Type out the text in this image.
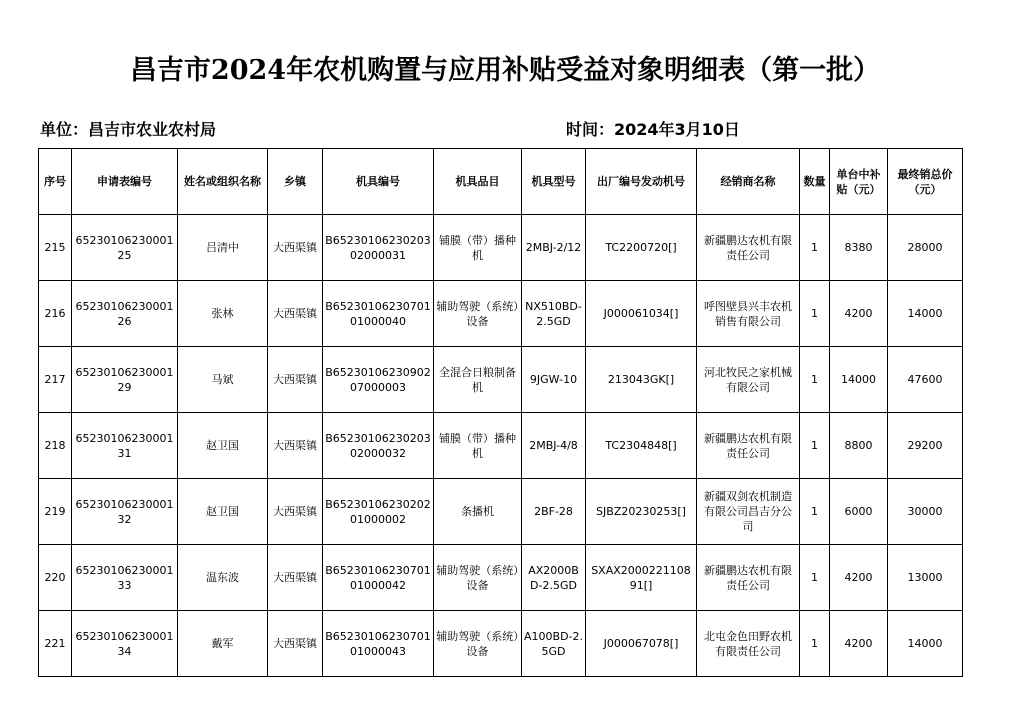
昌吉市2024年农机购置与应用补贴受益对象明细表（第一批）
单位：昌吉市农业农村局	时间：2024年3月10日
序号	申请表编号	姓名或组织名称	乡镇	机具编号	机具品目	机具型号	出厂编号发动机号	经销商名称	数量	单台中补贴（元）	最终销总价（元）
215	6523010623000125	吕清中	大西渠镇	B6523010623020302000031	铺膜（带）播种机	2MBJ-2/12	TC2200720[]	新疆鹏达农机有限责任公司	1	8380	28000
216	6523010623000126	张林	大西渠镇	B6523010623070101000040	辅助驾驶（系统）设备	NX510BD-2.5GD	J000061034[]	呼图壁县兴丰农机销售有限公司	1	4200	14000
217	6523010623000129	马斌	大西渠镇	B6523010623090207000003	全混合日粮制备机	9JGW-10	213043GK[]	河北牧民之家机械有限公司	1	14000	47600
218	6523010623000131	赵卫国	大西渠镇	B6523010623020302000032	铺膜（带）播种机	2MBJ-4/8	TC2304848[]	新疆鹏达农机有限责任公司	1	8800	29200
219	6523010623000132	赵卫国	大西渠镇	B6523010623020201000002	条播机	2BF-28	SJBZ20230253[]	新疆双剑农机制造有限公司昌吉分公司	1	6000	30000
220	6523010623000133	温东波	大西渠镇	B6523010623070101000042	辅助驾驶（系统）设备	AX2000BD-2.5GD	SXAX200022110891[]	新疆鹏达农机有限责任公司	1	4200	13000
221	6523010623000134	戴军	大西渠镇	B6523010623070101000043	辅助驾驶（系统）设备	A100BD-2.5GD	J000067078[]	北屯金色田野农机有限责任公司	1	4200	14000
